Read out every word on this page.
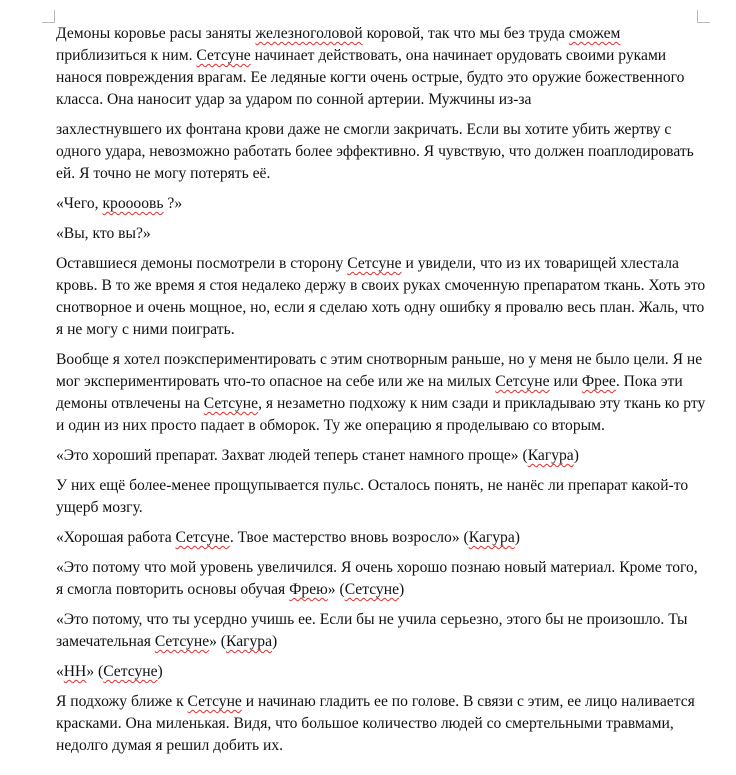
Демоны коровье расы заняты железноголовой коровой, так что мы без труда сможем приблизиться к ним. Сетсуне начинает действовать, она начинает орудовать своими руками нанося повреждения врагам. Ее ледяные когти очень острые, будто это оружие божественного класса. Она наносит удар за ударом по сонной артерии. Мужчины из-за

захлестнувшего их фонтана крови даже не смогли закричать. Если вы хотите убить жертву с одного удара, невозможно работать более эффективно. Я чувствую, что должен поаплодировать ей. Я точно не могу потерять её.

«Чего, кроооовь ?»

«Вы, кто вы?»

Оставшиеся демоны посмотрели в сторону Сетсуне и увидели, что из их товарищей хлестала кровь. В то же время я стоя недалеко держу в своих руках смоченную препаратом ткань. Хоть это снотворное и очень мощное, но, если я сделаю хоть одну ошибку я провалю весь план. Жаль, что я не могу с ними поиграть.

Вообще я хотел поэкспериментировать с этим снотворным раньше, но у меня не было цели. Я не мог экспериментировать что-то опасное на себе или же на милых Сетсуне или Фрее. Пока эти демоны отвлечены на Сетсуне, я незаметно подхожу к ним сзади и прикладываю эту ткань ко рту и один из них просто падает в обморок. Ту же операцию я проделываю со вторым.

«Это хороший препарат. Захват людей теперь станет намного проще» (Кагура)

У них ещё более-менее прощупывается пульс. Осталось понять, не нанёс ли препарат какой-то ущерб мозгу.

«Хорошая работа Сетсуне. Твое мастерство вновь возросло» (Кагура)

«Это потому что мой уровень увеличился. Я очень хорошо познаю новый материал. Кроме того, я смогла повторить основы обучая Фрею» (Сетсуне)

«Это потому, что ты усердно учишь ее. Если бы не учила серьезно, этого бы не произошло. Ты замечательная Сетсуне» (Кагура)

«НН» (Сетсуне)

Я подхожу ближе к Сетсуне и начинаю гладить ее по голове. В связи с этим, ее лицо наливается красками. Она миленькая. Видя, что большое количество людей со смертельными травмами, недолго думая я решил добить их.
